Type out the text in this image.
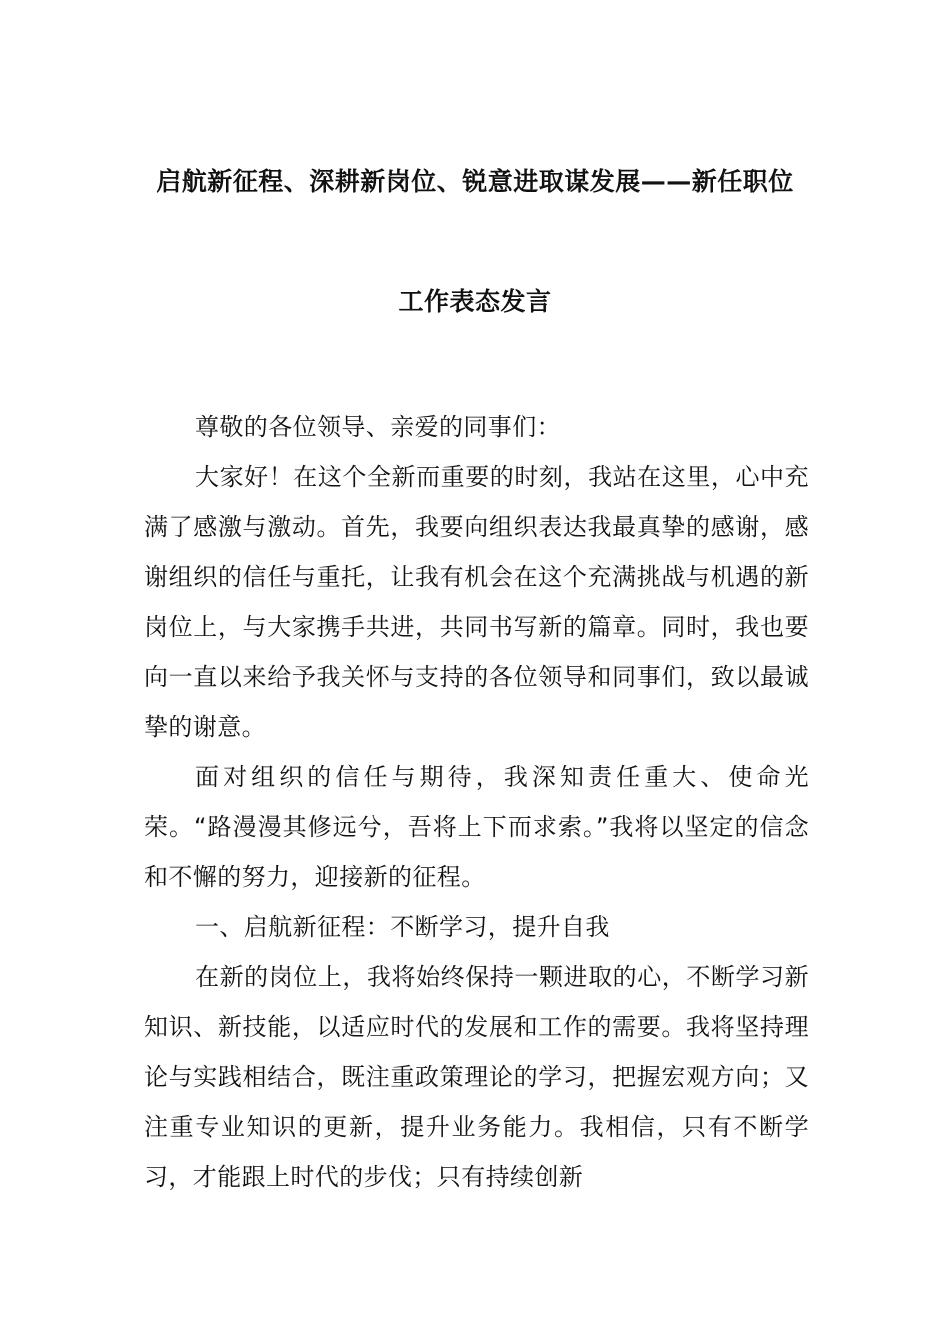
启航新征程、深耕新岗位、锐意进取谋发展——新任职位
工作表态发言

尊敬的各位领导、亲爱的同事们：

大家好！在这个全新而重要的时刻，我站在这里，心中充满了感激与激动。首先，我要向组织表达我最真挚的感谢，感谢组织的信任与重托，让我有机会在这个充满挑战与机遇的新岗位上，与大家携手共进，共同书写新的篇章。同时，我也要向一直以来给予我关怀与支持的各位领导和同事们，致以最诚挚的谢意。

面对组织的信任与期待，我深知责任重大、使命光荣。“路漫漫其修远兮，吾将上下而求索。”我将以坚定的信念和不懈的努力，迎接新的征程。

一、启航新征程：不断学习，提升自我

在新的岗位上，我将始终保持一颗进取的心，不断学习新知识、新技能，以适应时代的发展和工作的需要。我将坚持理论与实践相结合，既注重政策理论的学习，把握宏观方向；又注重专业知识的更新，提升业务能力。我相信，只有不断学习，才能跟上时代的步伐；只有持续创新
